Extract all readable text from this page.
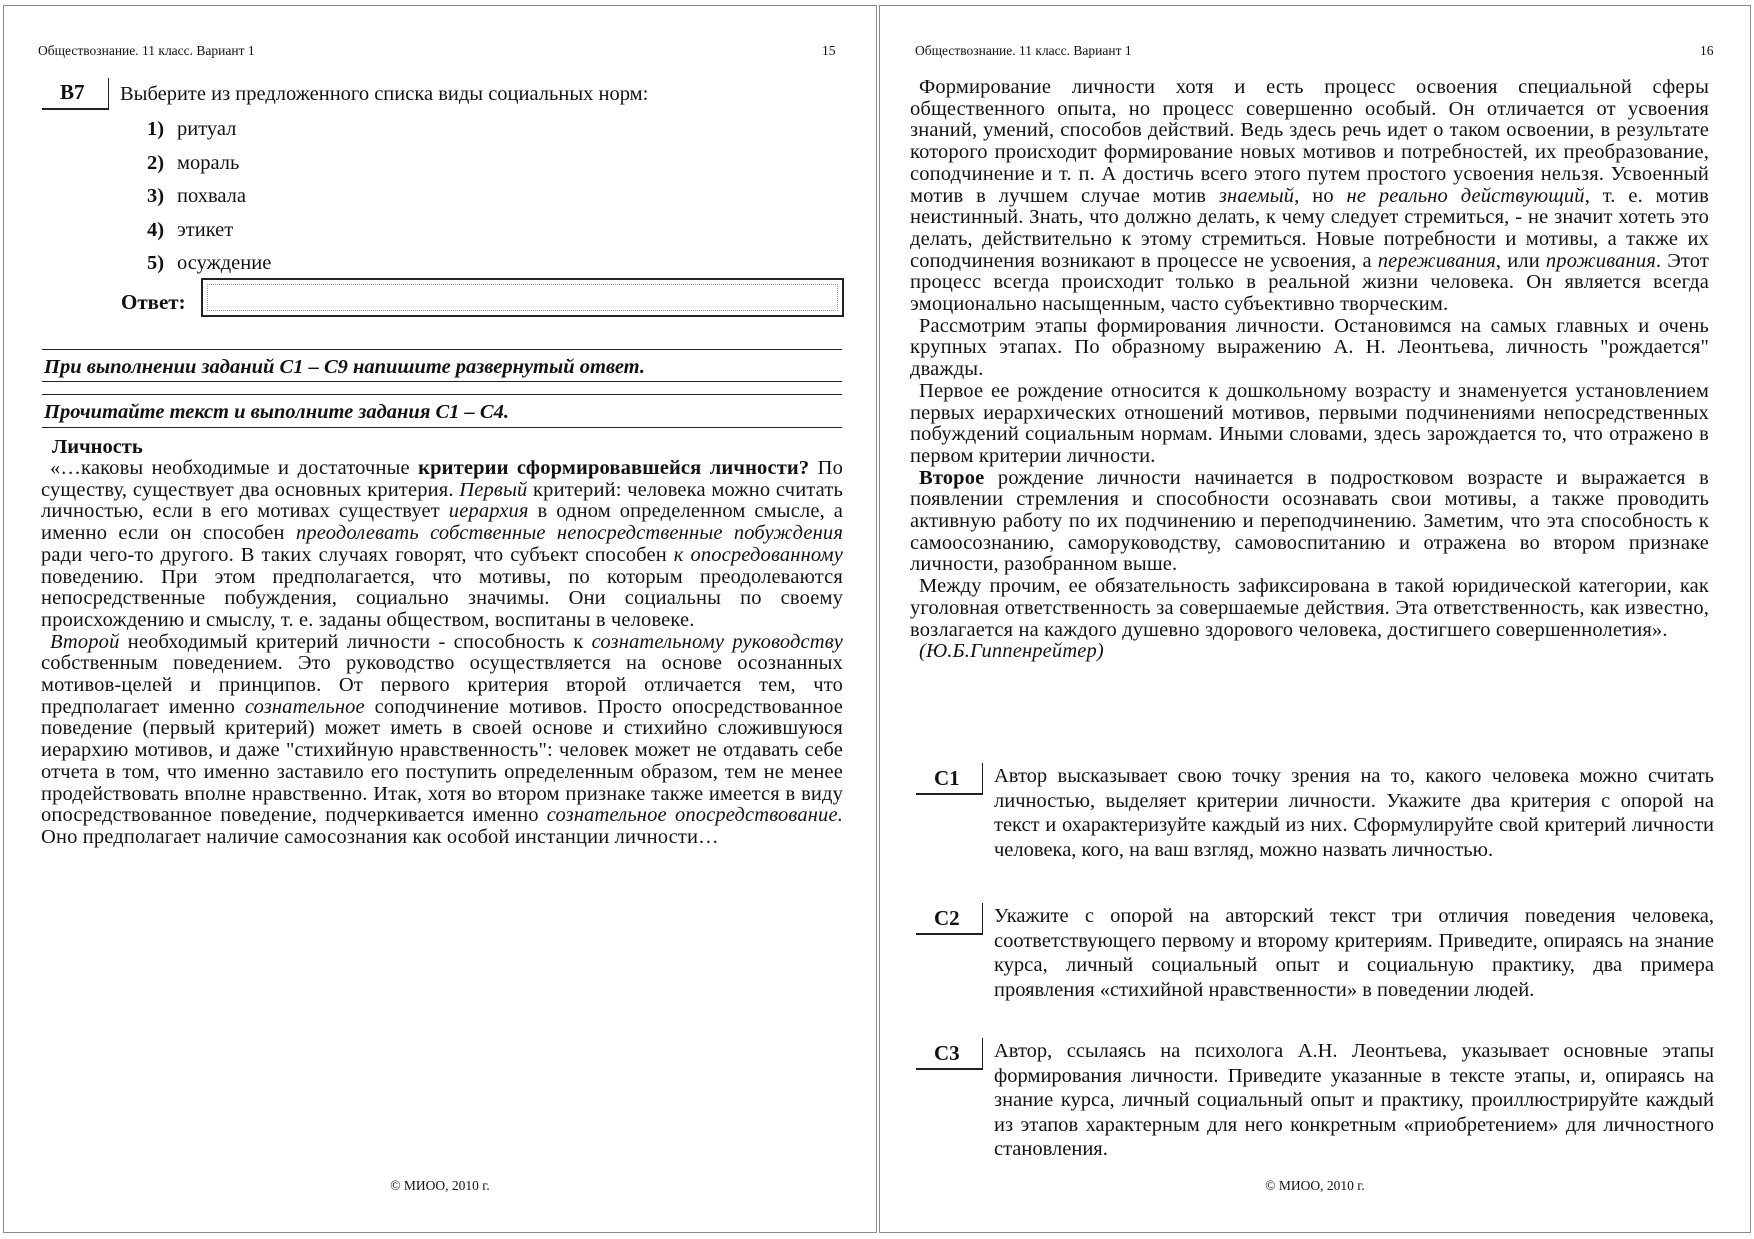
Обществознание. 11 класс. Вариант 1	15
B7 Выберите из предложенного списка виды социальных норм:
1) ритуал
2) мораль
3) похвала
4) этикет
5) осуждение
Ответ:
При выполнении заданий С1 – С9 напишите развернутый ответ.
Прочитайте текст и выполните задания С1 – С4.
Личность

«…каковы необходимые и достаточные критерии сформировавшейся личности? По существу, существует два основных критерия. Первый критерий: человека можно считать личностью, если в его мотивах существует иерархия в одном определенном смысле, а именно если он способен преодолевать собственные непосредственные побуждения ради чего-то другого. В таких случаях говорят, что субъект способен к опосредованному поведению. При этом предполагается, что мотивы, по которым преодолеваются непосредственные побуждения, социально значимы. Они социальны по своему происхождению и смыслу, т. е. заданы обществом, воспитаны в человеке.

Второй необходимый критерий личности - способность к сознательному руководству собственным поведением. Это руководство осуществляется на основе осознанных мотивов-целей и принципов. От первого критерия второй отличается тем, что предполагает именно сознательное соподчинение мотивов. Просто опосредствованное поведение (первый критерий) может иметь в своей основе и стихийно сложившуюся иерархию мотивов, и даже "стихийную нравственность": человек может не отдавать себе отчета в том, что именно заставило его поступить определенным образом, тем не менее продействовать вполне нравственно. Итак, хотя во втором признаке также имеется в виду опосредствованное поведение, подчеркивается именно сознательное опосредствование. Оно предполагает наличие самосознания как особой инстанции личности…

© МИОО, 2010 г.
Обществознание. 11 класс. Вариант 1	16

Формирование личности хотя и есть процесс освоения специальной сферы общественного опыта, но процесс совершенно особый. Он отличается от усвоения знаний, умений, способов действий. Ведь здесь речь идет о таком освоении, в результате которого происходит формирование новых мотивов и потребностей, их преобразование, соподчинение и т. п. А достичь всего этого путем простого усвоения нельзя. Усвоенный мотив в лучшем случае мотив знаемый, но не реально действующий, т. е. мотив неистинный. Знать, что должно делать, к чему следует стремиться, - не значит хотеть это делать, действительно к этому стремиться. Новые потребности и мотивы, а также их соподчинения возникают в процессе не усвоения, а переживания, или проживания. Этот процесс всегда происходит только в реальной жизни человека. Он является всегда эмоционально насыщенным, часто субъективно творческим.

Рассмотрим этапы формирования личности. Остановимся на самых главных и очень крупных этапах. По образному выражению А. Н. Леонтьева, личность "рождается" дважды.

Первое ее рождение относится к дошкольному возрасту и знаменуется установлением первых иерархических отношений мотивов, первыми подчинениями непосредственных побуждений социальным нормам. Иными словами, здесь зарождается то, что отражено в первом критерии личности.

Второе рождение личности начинается в подростковом возрасте и выражается в появлении стремления и способности осознавать свои мотивы, а также проводить активную работу по их подчинению и переподчинению. Заметим, что эта способность к самоосознанию, саморуководству, самовоспитанию и отражена во втором признаке личности, разобранном выше.

Между прочим, ее обязательность зафиксирована в такой юридической категории, как уголовная ответственность за совершаемые действия. Эта ответственность, как известно, возлагается на каждого душевно здорового человека, достигшего совершеннолетия».

(Ю.Б.Гиппенрейтер)

С1 Автор высказывает свою точку зрения на то, какого человека можно считать личностью, выделяет критерии личности. Укажите два критерия с опорой на текст и охарактеризуйте каждый из них. Сформулируйте свой критерий личности человека, кого, на ваш взгляд, можно назвать личностью.
С2 Укажите с опорой на авторский текст три отличия поведения человека, соответствующего первому и второму критериям. Приведите, опираясь на знание курса, личный социальный опыт и социальную практику, два примера проявления «стихийной нравственности» в поведении людей.
С3 Автор, ссылаясь на психолога А.Н. Леонтьева, указывает основные этапы формирования личности. Приведите указанные в тексте этапы, и, опираясь на знание курса, личный социальный опыт и практику, проиллюстрируйте каждый из этапов характерным для него конкретным «приобретением» для личностного становления.
© МИОО, 2010 г.
